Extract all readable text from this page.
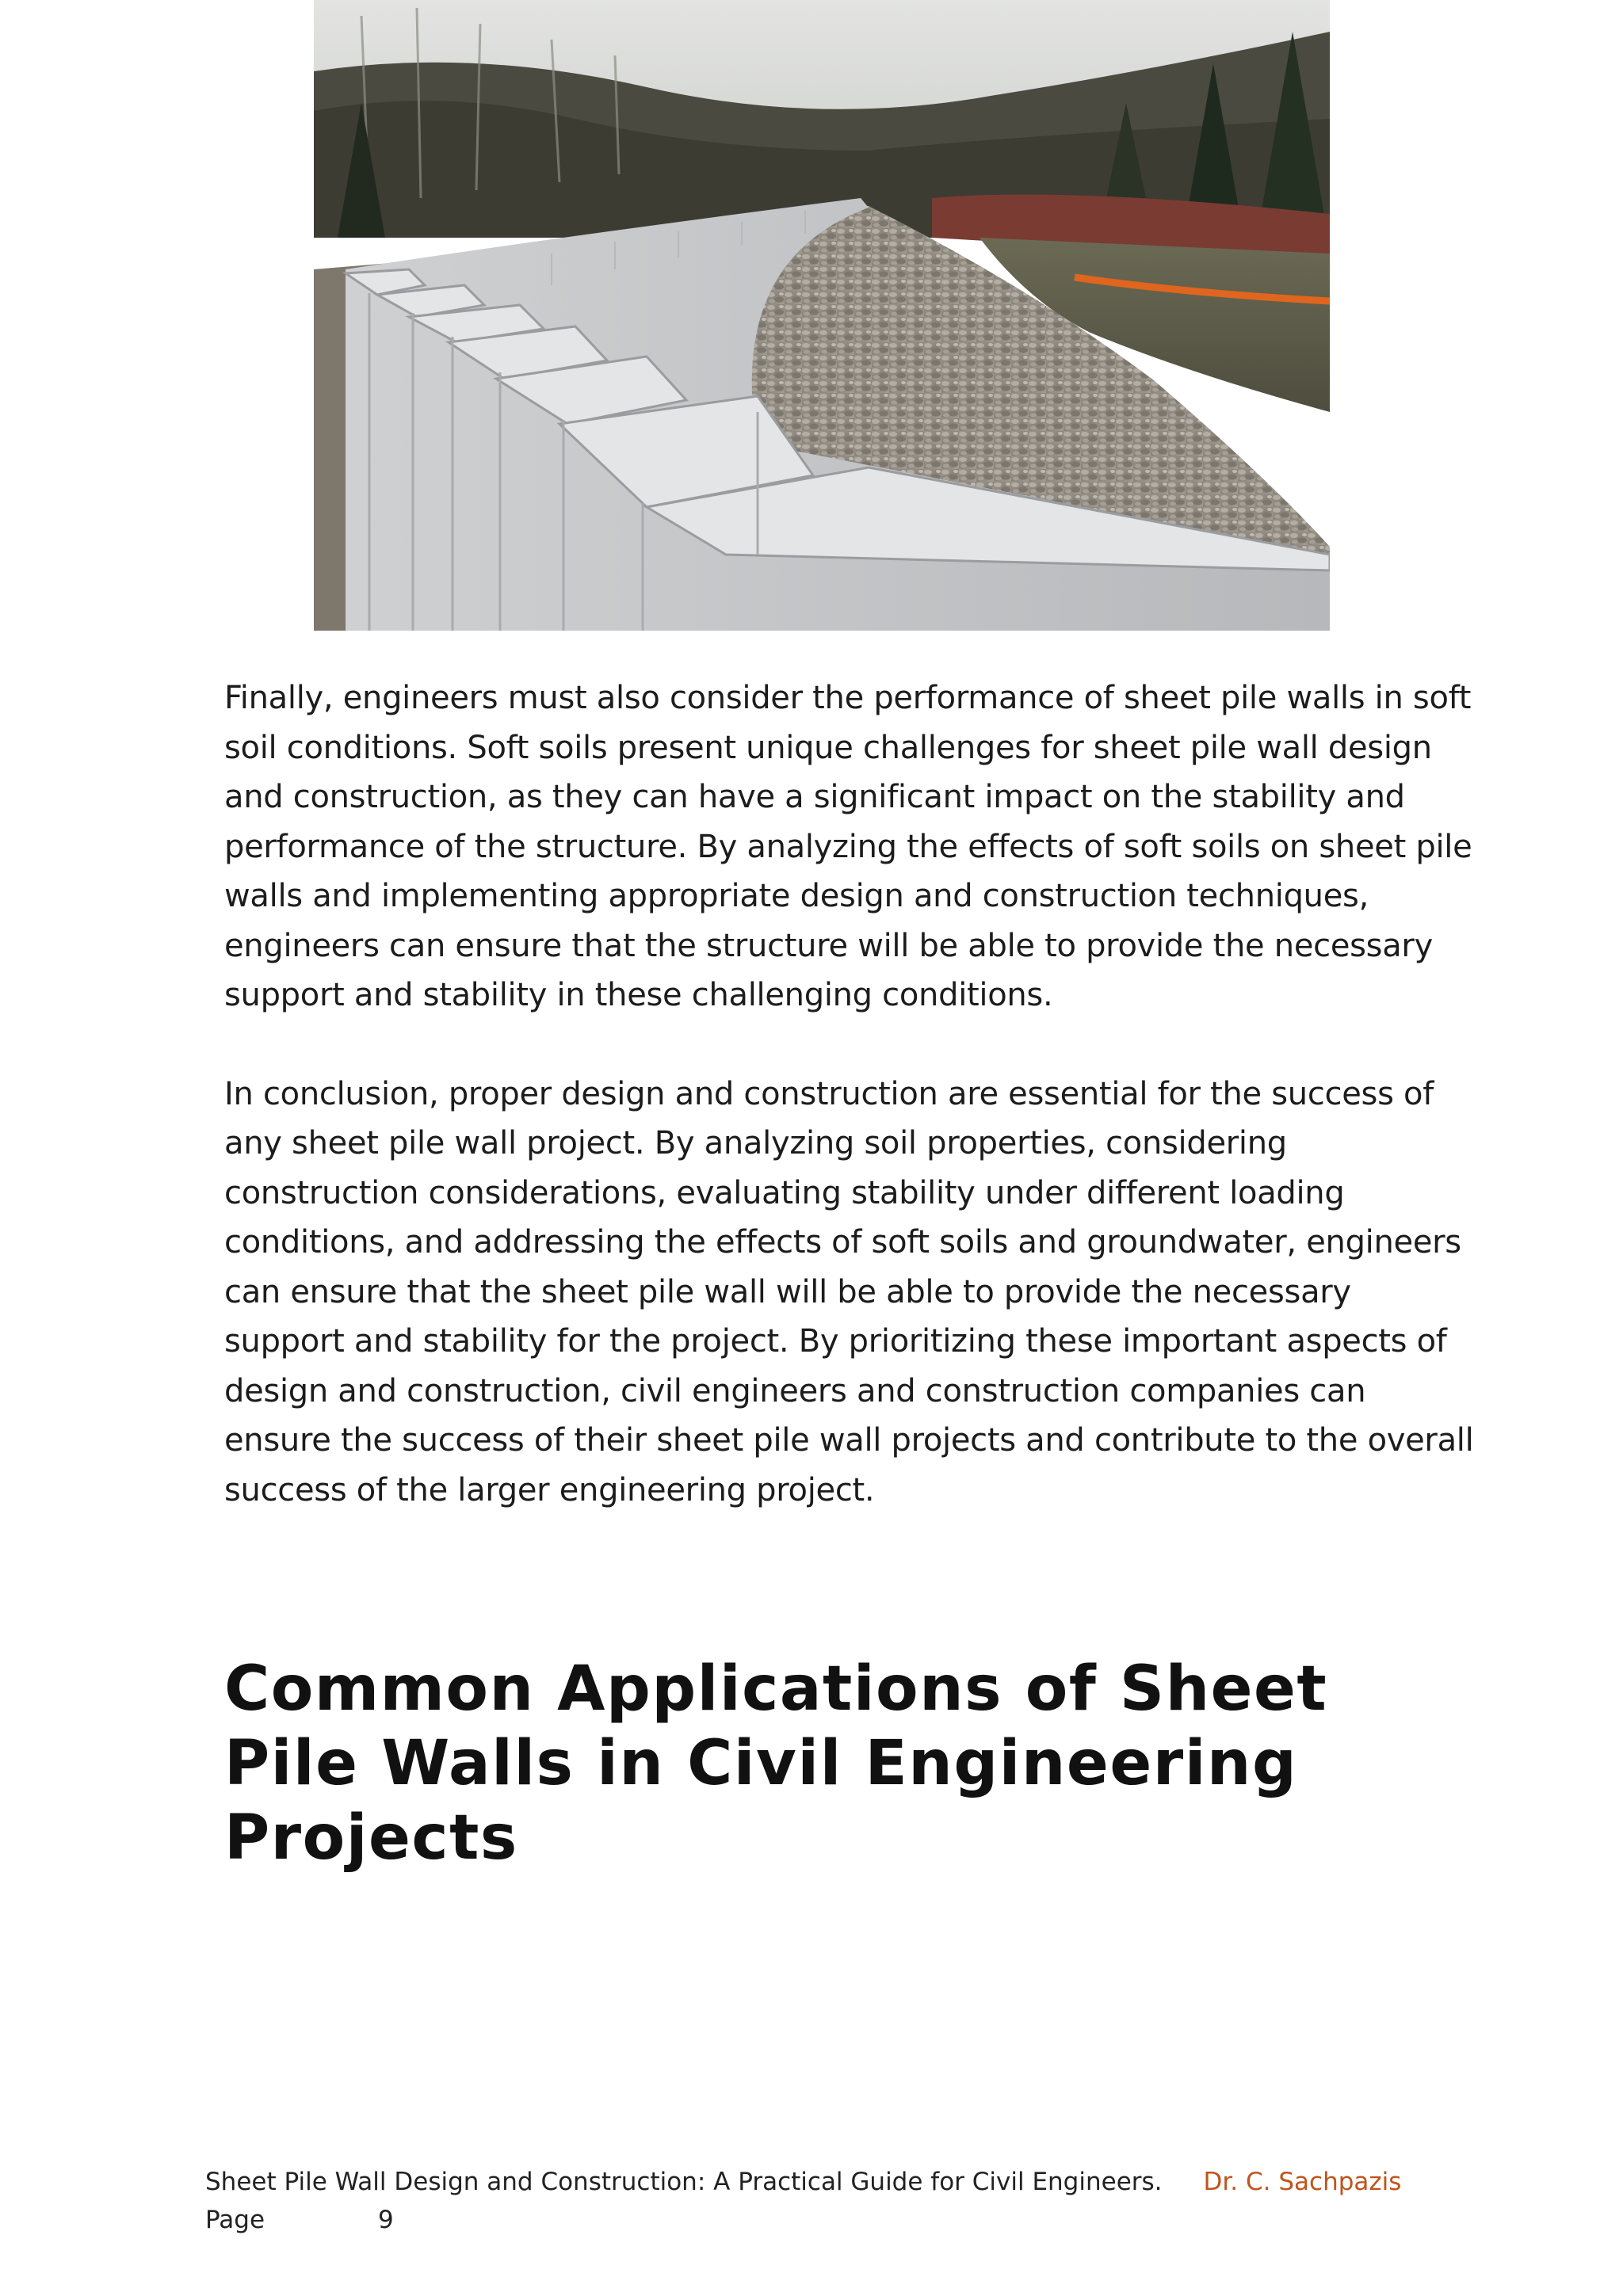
Finally, engineers must also consider the performance of sheet pile walls in soft soil conditions. Soft soils present unique challenges for sheet pile wall design and construction, as they can have a significant impact on the stability and performance of the structure. By analyzing the effects of soft soils on sheet pile walls and implementing appropriate design and construction techniques, engineers can ensure that the structure will be able to provide the necessary support and stability in these challenging conditions.

In conclusion, proper design and construction are essential for the success of any sheet pile wall project. By analyzing soil properties, considering construction considerations, evaluating stability under different loading conditions, and addressing the effects of soft soils and groundwater, engineers can ensure that the sheet pile wall will be able to provide the necessary support and stability for the project. By prioritizing these important aspects of design and construction, civil engineers and construction companies can ensure the success of their sheet pile wall projects and contribute to the overall success of the larger engineering project.

Common Applications of Sheet Pile Walls in Civil Engineering Projects
Sheet Pile Wall Design and Construction: A Practical Guide for Civil Engineers. Dr. C. Sachpazis
Page	9
